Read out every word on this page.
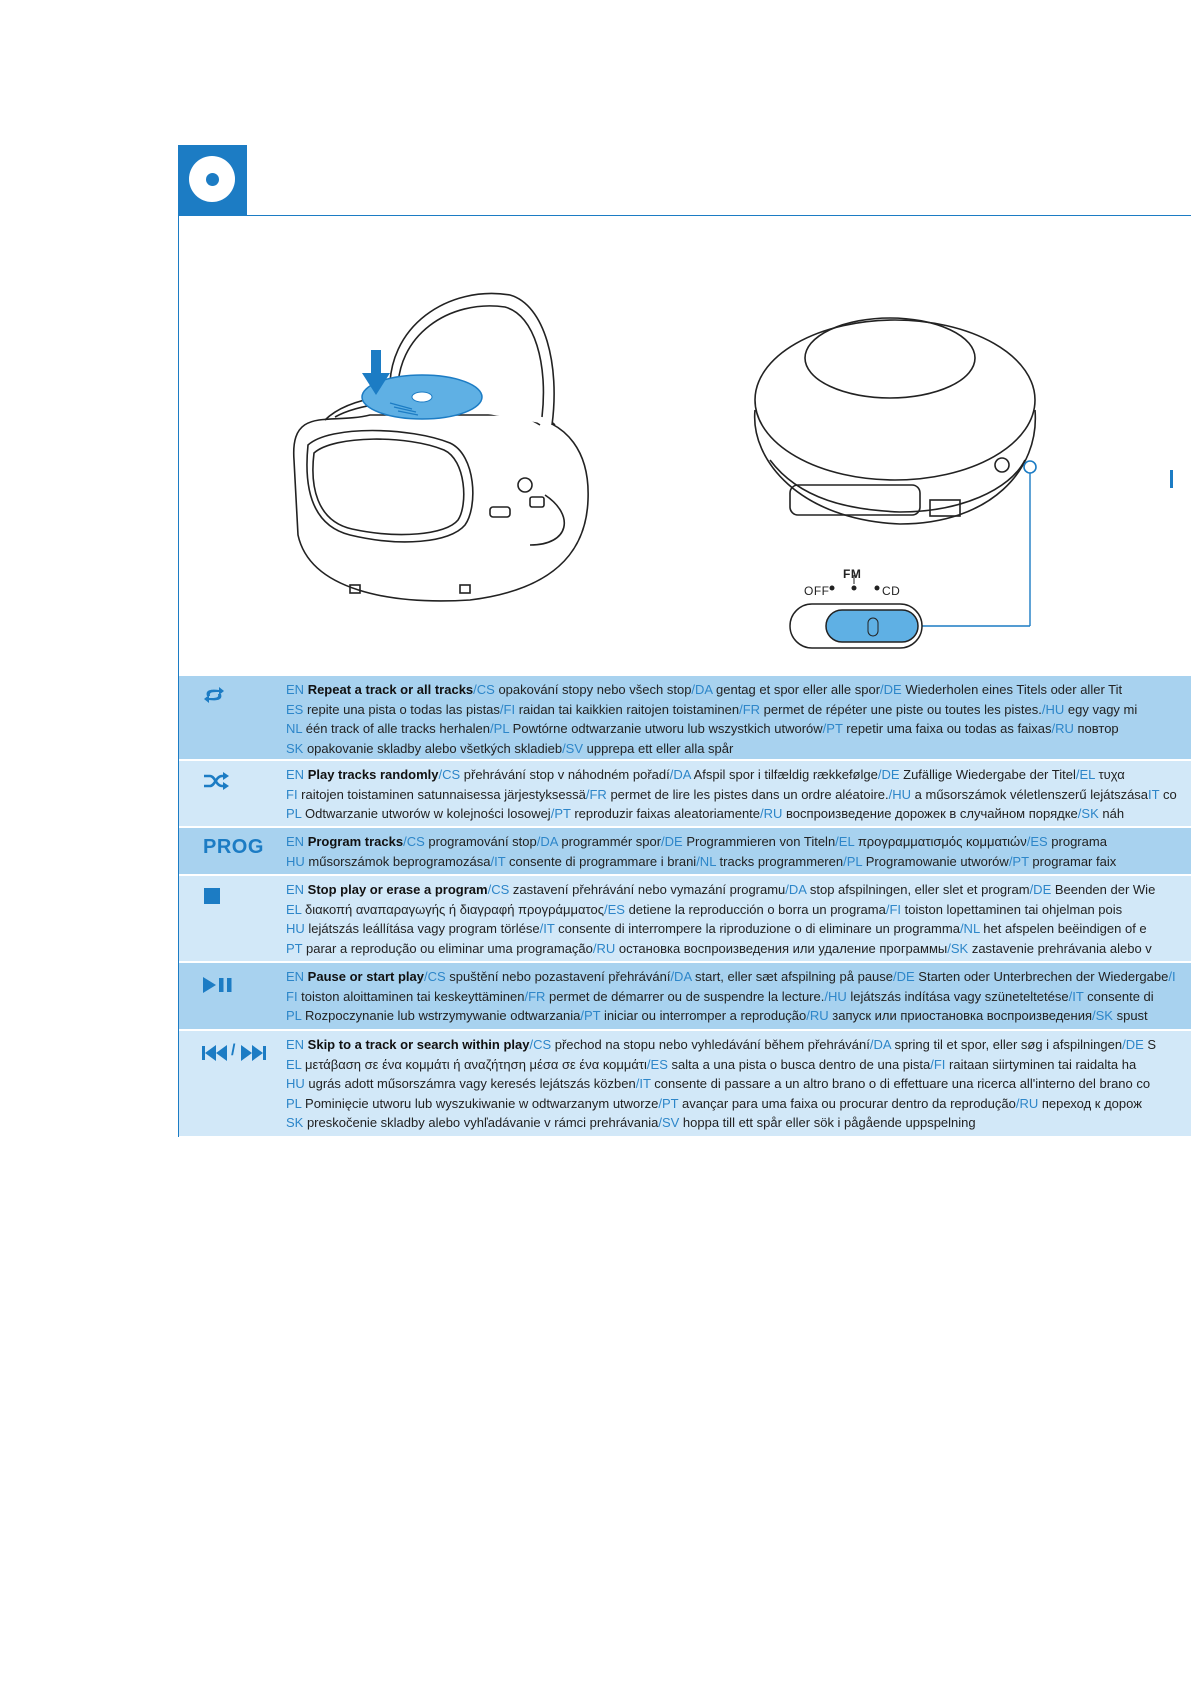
FM
OFF	CD
EN Repeat a track or all tracks/CS opakování stopy nebo všech stop/DA gentag et spor eller alle spor/DE Wiederholen eines Titels oder aller Tit
ES repite una pista o todas las pistas/FI raidan tai kaikkien raitojen toistaminen/FR permet de répéter une piste ou toutes les pistes./HU egy vagy mi
NL één track of alle tracks herhalen/PL Powtórne odtwarzanie utworu lub wszystkich utworów/PT repetir uma faixa ou todas as faixas/RU повтор
SK opakovanie skladby alebo všetkých skladieb/SV upprepa ett eller alla spår
EN Play tracks randomly/CS přehrávání stop v náhodném pořadí/DA Afspil spor i tilfældig rækkefølge/DE Zufällige Wiedergabe der Titel/EL τυχα
FI raitojen toistaminen satunnaisessa järjestyksessä/FR permet de lire les pistes dans un ordre aléatoire./HU a műsorszámok véletlenszerű lejátszásaIT co
PL Odtwarzanie utworów w kolejności losowej/PT reproduzir faixas aleatoriamente/RU воспроизведение дорожек в случайном порядке/SK náh
PROG EN Program tracks/CS programování stop/DA programmér spor/DE Programmieren von Titeln/EL προγραμματισμός κομματιών/ES programa
HU műsorszámok beprogramozása/IT consente di programmare i brani/NL tracks programmeren/PL Programowanie utworów/PT programar faix
EN Stop play or erase a program/CS zastavení přehrávání nebo vymazání programu/DA stop afspilningen, eller slet et program/DE Beenden der Wie
EL διακοπή αναπαραγωγής ή διαγραφή προγράμματος/ES detiene la reproducción o borra un programa/FI toiston lopettaminen tai ohjelman pois
HU lejátszás leállítása vagy program törlése/IT consente di interrompere la riproduzione o di eliminare un programma/NL het afspelen beëindigen of e
PT parar a reprodução ou eliminar uma programação/RU остановка воспроизведения или удаление программы/SK zastavenie prehrávania alebo v
EN Pause or start play/CS spuštění nebo pozastavení přehrávání/DA start, eller sæt afspilning på pause/DE Starten oder Unterbrechen der Wiedergabe/I
FI toiston aloittaminen tai keskeyttäminen/FR permet de démarrer ou de suspendre la lecture./HU lejátszás indítása vagy szüneteltetése/IT consente di
PL Rozpoczynanie lub wstrzymywanie odtwarzania/PT iniciar ou interromper a reprodução/RU запуск или приостановка воспроизведения/SK spust
/	EN Skip to a track or search within play/CS přechod na stopu nebo vyhledávání během přehrávání/DA spring til et spor, eller søg i afspilningen/DE S
EL μετάβαση σε ένα κομμάτι ή αναζήτηση μέσα σε ένα κομμάτι/ES salta a una pista o busca dentro de una pista/FI raitaan siirtyminen tai raidalta ha
HU ugrás adott műsorszámra vagy keresés lejátszás közben/IT consente di passare a un altro brano o di effettuare una ricerca all'interno del brano co
PL Pominięcie utworu lub wyszukiwanie w odtwarzanym utworze/PT avançar para uma faixa ou procurar dentro da reprodução/RU переход к дорож
SK preskočenie skladby alebo vyhľadávanie v rámci prehrávania/SV hoppa till ett spår eller sök i pågående uppspelning
